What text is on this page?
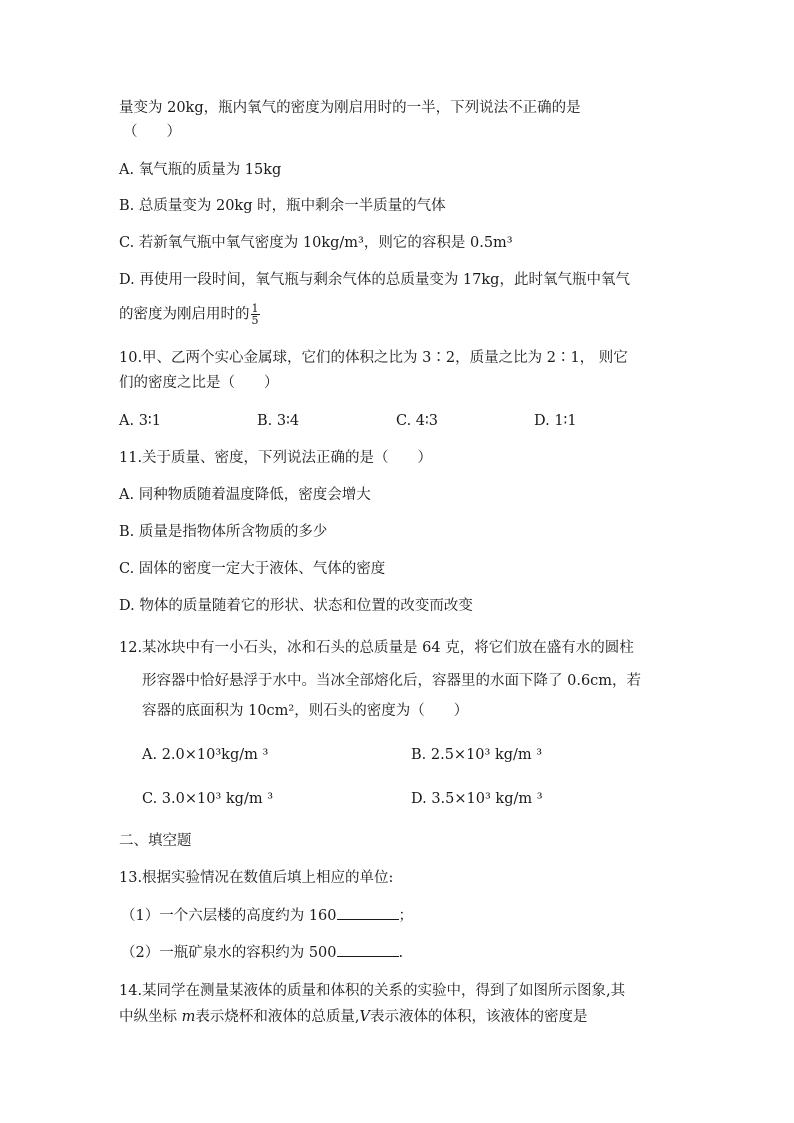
量变为 20kg，瓶内氧气的密度为刚启用时的一半，下列说法不正确的是
（　　）
A. 氧气瓶的质量为 15kg
B. 总质量变为 20kg 时，瓶中剩余一半质量的气体
C. 若新氧气瓶中氧气密度为 10kg/m³，则它的容积是 0.5m³
D. 再使用一段时间，氧气瓶与剩余气体的总质量变为 17kg，此时氧气瓶中氧气
的密度为刚启用时的 $\frac{1}{5}$
10.甲、乙两个实心金属球，它们的体积之比为 3∶2，质量之比为 2∶1， 则它
们的密度之比是（　　）
A. 3∶1	B. 3∶4	C. 4∶3	D. 1∶1
11.关于质量、密度，下列说法正确的是（　　）
A. 同种物质随着温度降低，密度会增大
B. 质量是指物体所含物质的多少
C. 固体的密度一定大于液体、气体的密度
D. 物体的质量随着它的形状、状态和位置的改变而改变
12.某冰块中有一小石头，冰和石头的总质量是 64 克，将它们放在盛有水的圆柱
形容器中恰好悬浮于水中。当冰全部熔化后，容器里的水面下降了 0.6cm，若
容器的底面积为 10cm²，则石头的密度为（　　）
A. 2.0×10³kg/m ³	B. 2.5×10³ kg/m ³
C. 3.0×10³ kg/m ³	D. 3.5×10³ kg/m ³
二、填空题
13.根据实验情况在数值后填上相应的单位:
（1）一个六层楼的高度约为 160	；
（2）一瓶矿泉水的容积约为 500	.
14.某同学在测量某液体的质量和体积的关系的实验中，得到了如图所示图象,其
中纵坐标 m表示烧杯和液体的总质量,V表示液体的体积，该液体的密度是
